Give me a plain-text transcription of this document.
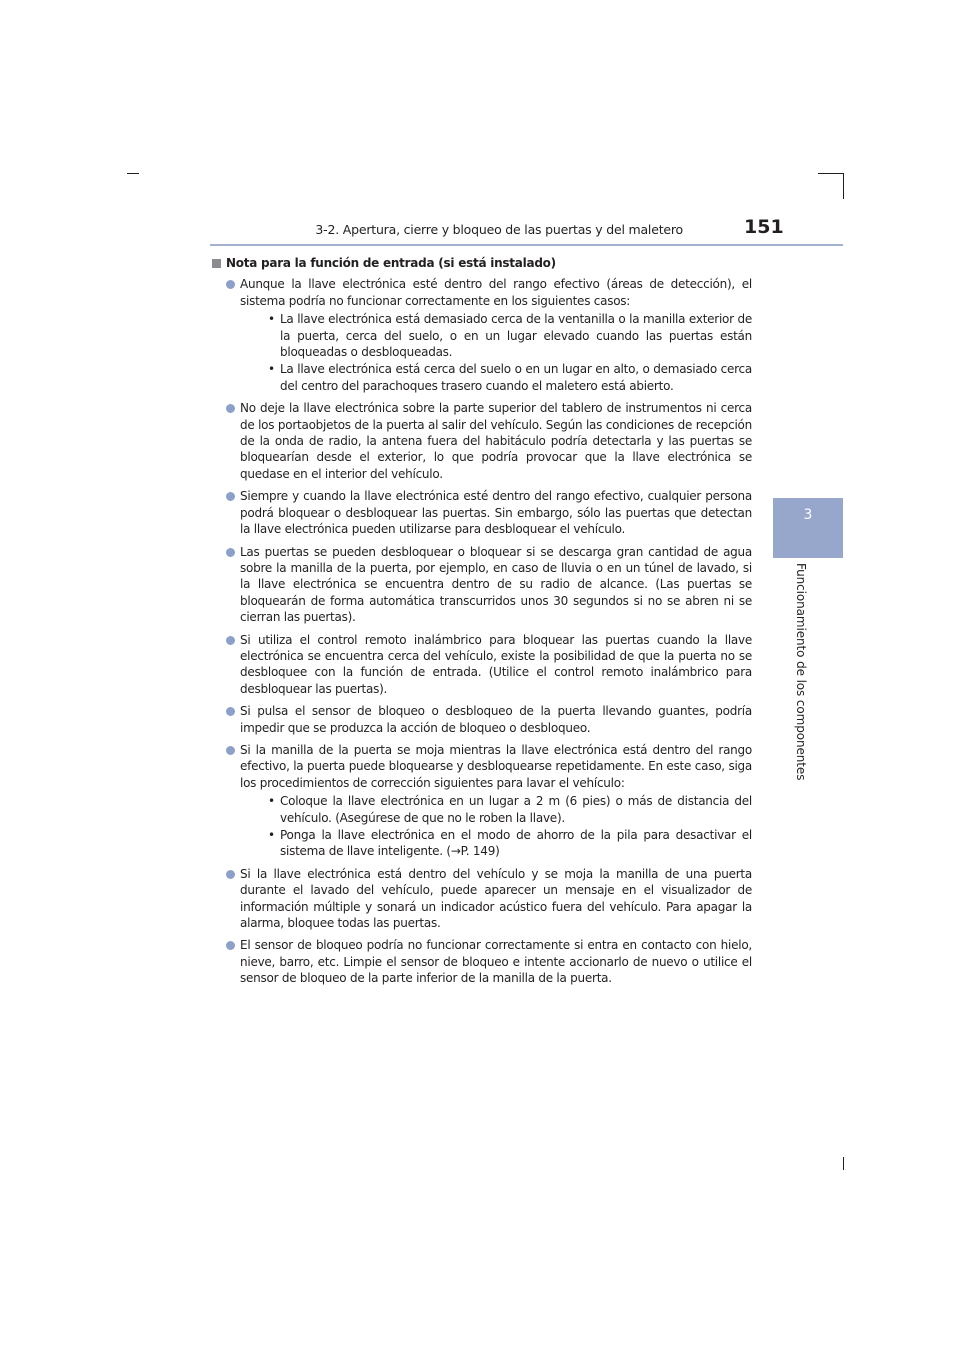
3-2. Apertura, cierre y bloqueo de las puertas y del maletero	151
3
Funcionamiento de los componentes
Nota para la función de entrada (si está instalado)
Aunque la llave electrónica esté dentro del rango efectivo (áreas de detección), el sistema podría no funcionar correctamente en los siguientes casos:
• La llave electrónica está demasiado cerca de la ventanilla o la manilla exterior de la puerta, cerca del suelo, o en un lugar elevado cuando las puertas están bloqueadas o desbloqueadas.
• La llave electrónica está cerca del suelo o en un lugar en alto, o demasiado cerca del centro del parachoques trasero cuando el maletero está abierto.
No deje la llave electrónica sobre la parte superior del tablero de instrumentos ni cerca de los portaobjetos de la puerta al salir del vehículo. Según las condiciones de recepción de la onda de radio, la antena fuera del habitáculo podría detectarla y las puertas se bloquearían desde el exterior, lo que podría provocar que la llave electrónica se quedase en el interior del vehículo.
Siempre y cuando la llave electrónica esté dentro del rango efectivo, cualquier persona podrá bloquear o desbloquear las puertas. Sin embargo, sólo las puertas que detectan la llave electrónica pueden utilizarse para desbloquear el vehículo.
Las puertas se pueden desbloquear o bloquear si se descarga gran cantidad de agua sobre la manilla de la puerta, por ejemplo, en caso de lluvia o en un túnel de lavado, si la llave electrónica se encuentra dentro de su radio de alcance. (Las puertas se bloquearán de forma automática transcurridos unos 30 segundos si no se abren ni se cierran las puertas).
Si utiliza el control remoto inalámbrico para bloquear las puertas cuando la llave electrónica se encuentra cerca del vehículo, existe la posibilidad de que la puerta no se desbloquee con la función de entrada. (Utilice el control remoto inalámbrico para desbloquear las puertas).
Si pulsa el sensor de bloqueo o desbloqueo de la puerta llevando guantes, podría impedir que se produzca la acción de bloqueo o desbloqueo.
Si la manilla de la puerta se moja mientras la llave electrónica está dentro del rango efectivo, la puerta puede bloquearse y desbloquearse repetidamente. En este caso, siga los procedimientos de corrección siguientes para lavar el vehículo:
• Coloque la llave electrónica en un lugar a 2 m (6 pies) o más de distancia del vehículo. (Asegúrese de que no le roben la llave).
• Ponga la llave electrónica en el modo de ahorro de la pila para desactivar el sistema de llave inteligente. (→P. 149)
Si la llave electrónica está dentro del vehículo y se moja la manilla de una puerta durante el lavado del vehículo, puede aparecer un mensaje en el visualizador de información múltiple y sonará un indicador acústico fuera del vehículo. Para apagar la alarma, bloquee todas las puertas.
El sensor de bloqueo podría no funcionar correctamente si entra en contacto con hielo, nieve, barro, etc. Limpie el sensor de bloqueo e intente accionarlo de nuevo o utilice el sensor de bloqueo de la parte inferior de la manilla de la puerta.
